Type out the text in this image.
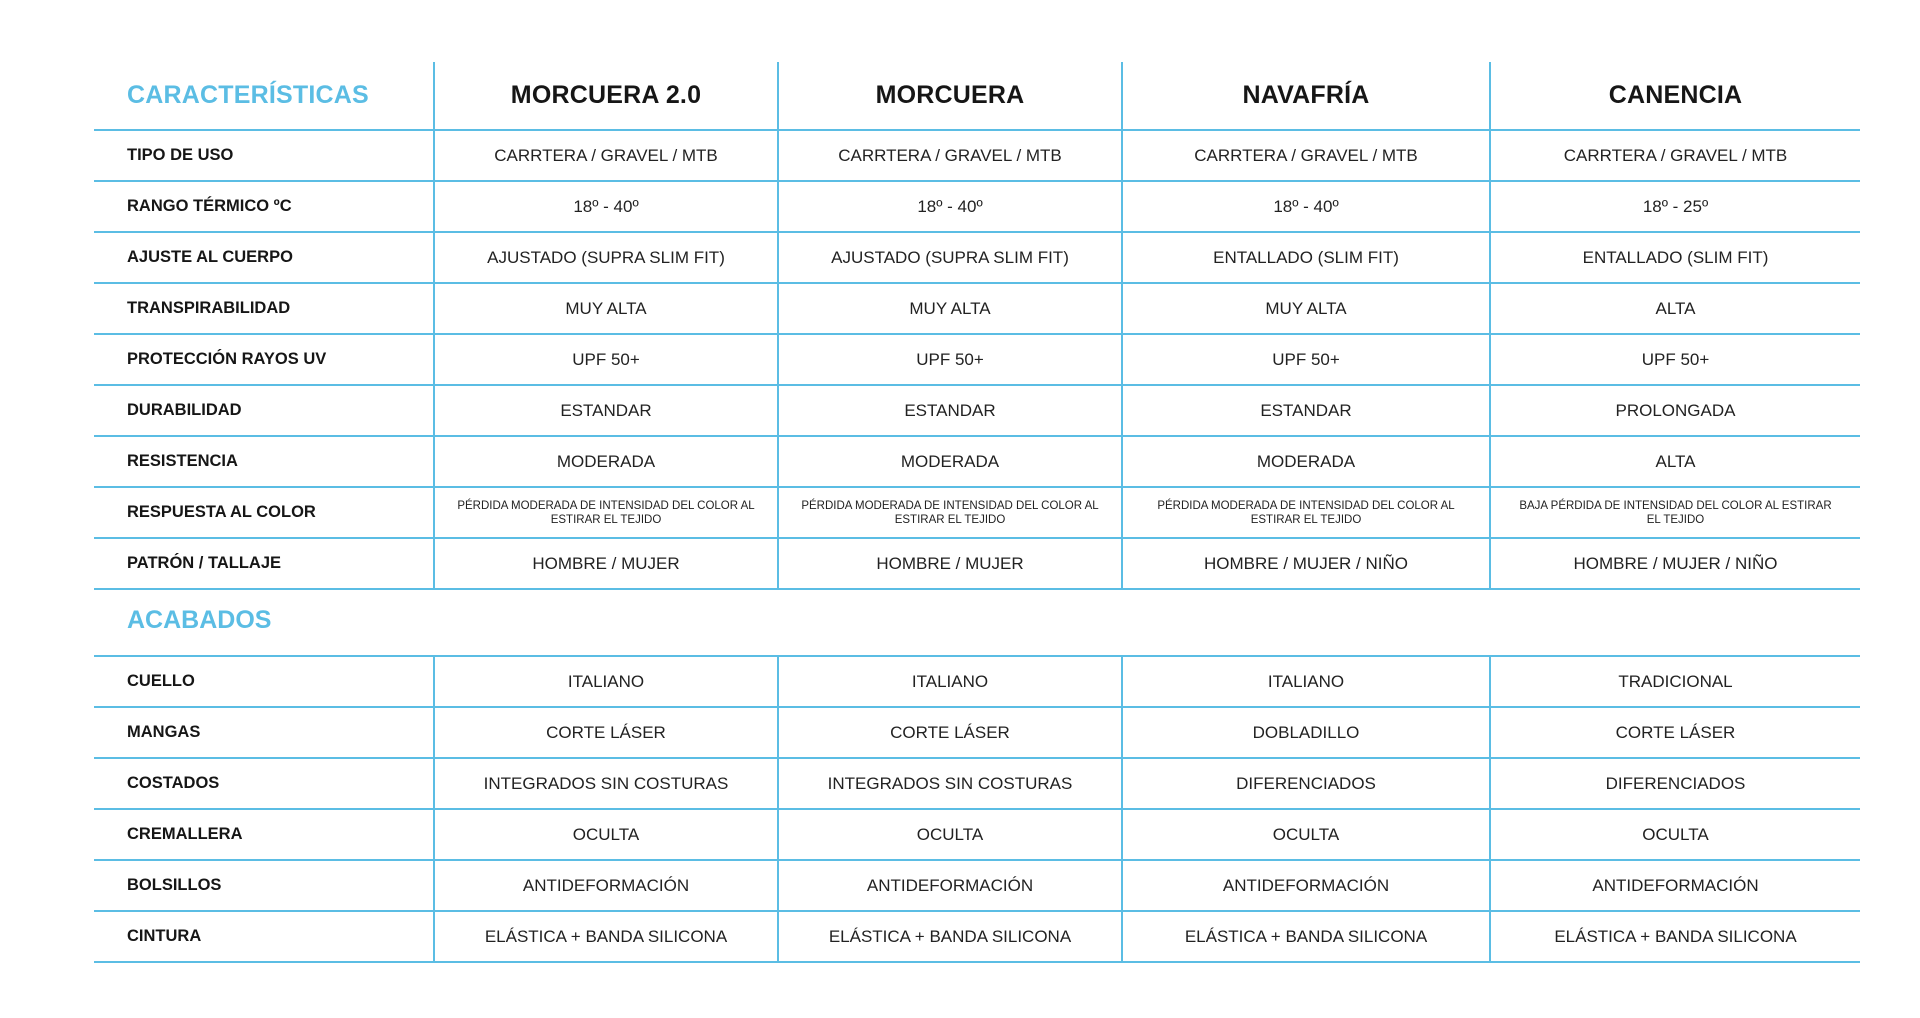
CARACTERÍSTICAS	MORCUERA 2.0	MORCUERA	NAVAFRÍA	CANENCIA
TIPO DE USO	CARRTERA / GRAVEL / MTB	CARRTERA / GRAVEL / MTB	CARRTERA / GRAVEL / MTB	CARRTERA / GRAVEL / MTB
RANGO TÉRMICO ºC	18º - 40º	18º - 40º	18º - 40º	18º - 25º
AJUSTE AL CUERPO	AJUSTADO (SUPRA SLIM FIT)	AJUSTADO (SUPRA SLIM FIT)	ENTALLADO (SLIM FIT)	ENTALLADO (SLIM FIT)
TRANSPIRABILIDAD	MUY ALTA	MUY ALTA	MUY ALTA	ALTA
PROTECCIÓN RAYOS UV	UPF 50+	UPF 50+	UPF 50+	UPF 50+
DURABILIDAD	ESTANDAR	ESTANDAR	ESTANDAR	PROLONGADA
RESISTENCIA	MODERADA	MODERADA	MODERADA	ALTA
RESPUESTA AL COLOR	PÉRDIDA MODERADA DE INTENSIDAD DEL COLOR AL ESTIRAR EL TEJIDO	PÉRDIDA MODERADA DE INTENSIDAD DEL COLOR AL ESTIRAR EL TEJIDO	PÉRDIDA MODERADA DE INTENSIDAD DEL COLOR AL ESTIRAR EL TEJIDO	BAJA PÉRDIDA DE INTENSIDAD DEL COLOR AL ESTIRAR EL TEJIDO
PATRÓN / TALLAJE	HOMBRE / MUJER	HOMBRE / MUJER	HOMBRE / MUJER / NIÑO	HOMBRE / MUJER / NIÑO
ACABADOS
CUELLO	ITALIANO	ITALIANO	ITALIANO	TRADICIONAL
MANGAS	CORTE LÁSER	CORTE LÁSER	DOBLADILLO	CORTE LÁSER
COSTADOS	INTEGRADOS SIN COSTURAS	INTEGRADOS SIN COSTURAS	DIFERENCIADOS	DIFERENCIADOS
CREMALLERA	OCULTA	OCULTA	OCULTA	OCULTA
BOLSILLOS	ANTIDEFORMACIÓN	ANTIDEFORMACIÓN	ANTIDEFORMACIÓN	ANTIDEFORMACIÓN
CINTURA	ELÁSTICA + BANDA SILICONA	ELÁSTICA + BANDA SILICONA	ELÁSTICA + BANDA SILICONA	ELÁSTICA + BANDA SILICONA
